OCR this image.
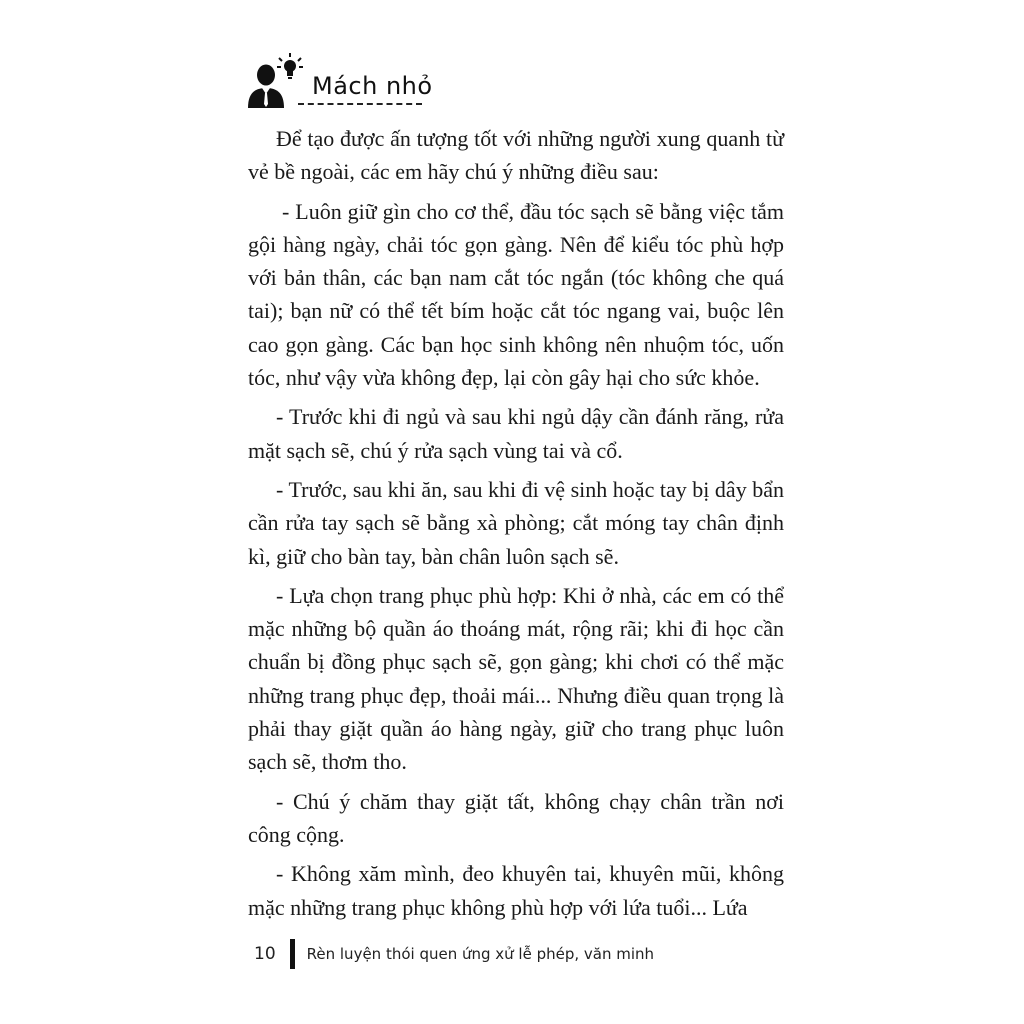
Mách nhỏ

Để tạo được ấn tượng tốt với những người xung quanh từ vẻ bề ngoài, các em hãy chú ý những điều sau:

- Luôn giữ gìn cho cơ thể, đầu tóc sạch sẽ bằng việc tắm gội hàng ngày, chải tóc gọn gàng. Nên để kiểu tóc phù hợp với bản thân, các bạn nam cắt tóc ngắn (tóc không che quá tai); bạn nữ có thể tết bím hoặc cắt tóc ngang vai, buộc lên cao gọn gàng. Các bạn học sinh không nên nhuộm tóc, uốn tóc, như vậy vừa không đẹp, lại còn gây hại cho sức khỏe.

- Trước khi đi ngủ và sau khi ngủ dậy cần đánh răng, rửa mặt sạch sẽ, chú ý rửa sạch vùng tai và cổ.

- Trước, sau khi ăn, sau khi đi vệ sinh hoặc tay bị dây bẩn cần rửa tay sạch sẽ bằng xà phòng; cắt móng tay chân định kì, giữ cho bàn tay, bàn chân luôn sạch sẽ.

- Lựa chọn trang phục phù hợp: Khi ở nhà, các em có thể mặc những bộ quần áo thoáng mát, rộng rãi; khi đi học cần chuẩn bị đồng phục sạch sẽ, gọn gàng; khi chơi có thể mặc những trang phục đẹp, thoải mái... Nhưng điều quan trọng là phải thay giặt quần áo hàng ngày, giữ cho trang phục luôn sạch sẽ, thơm tho.

- Chú ý chăm thay giặt tất, không chạy chân trần nơi công cộng.

- Không xăm mình, đeo khuyên tai, khuyên mũi, không mặc những trang phục không phù hợp với lứa tuổi... Lứa

10 Rèn luyện thói quen ứng xử lễ phép, văn minh
